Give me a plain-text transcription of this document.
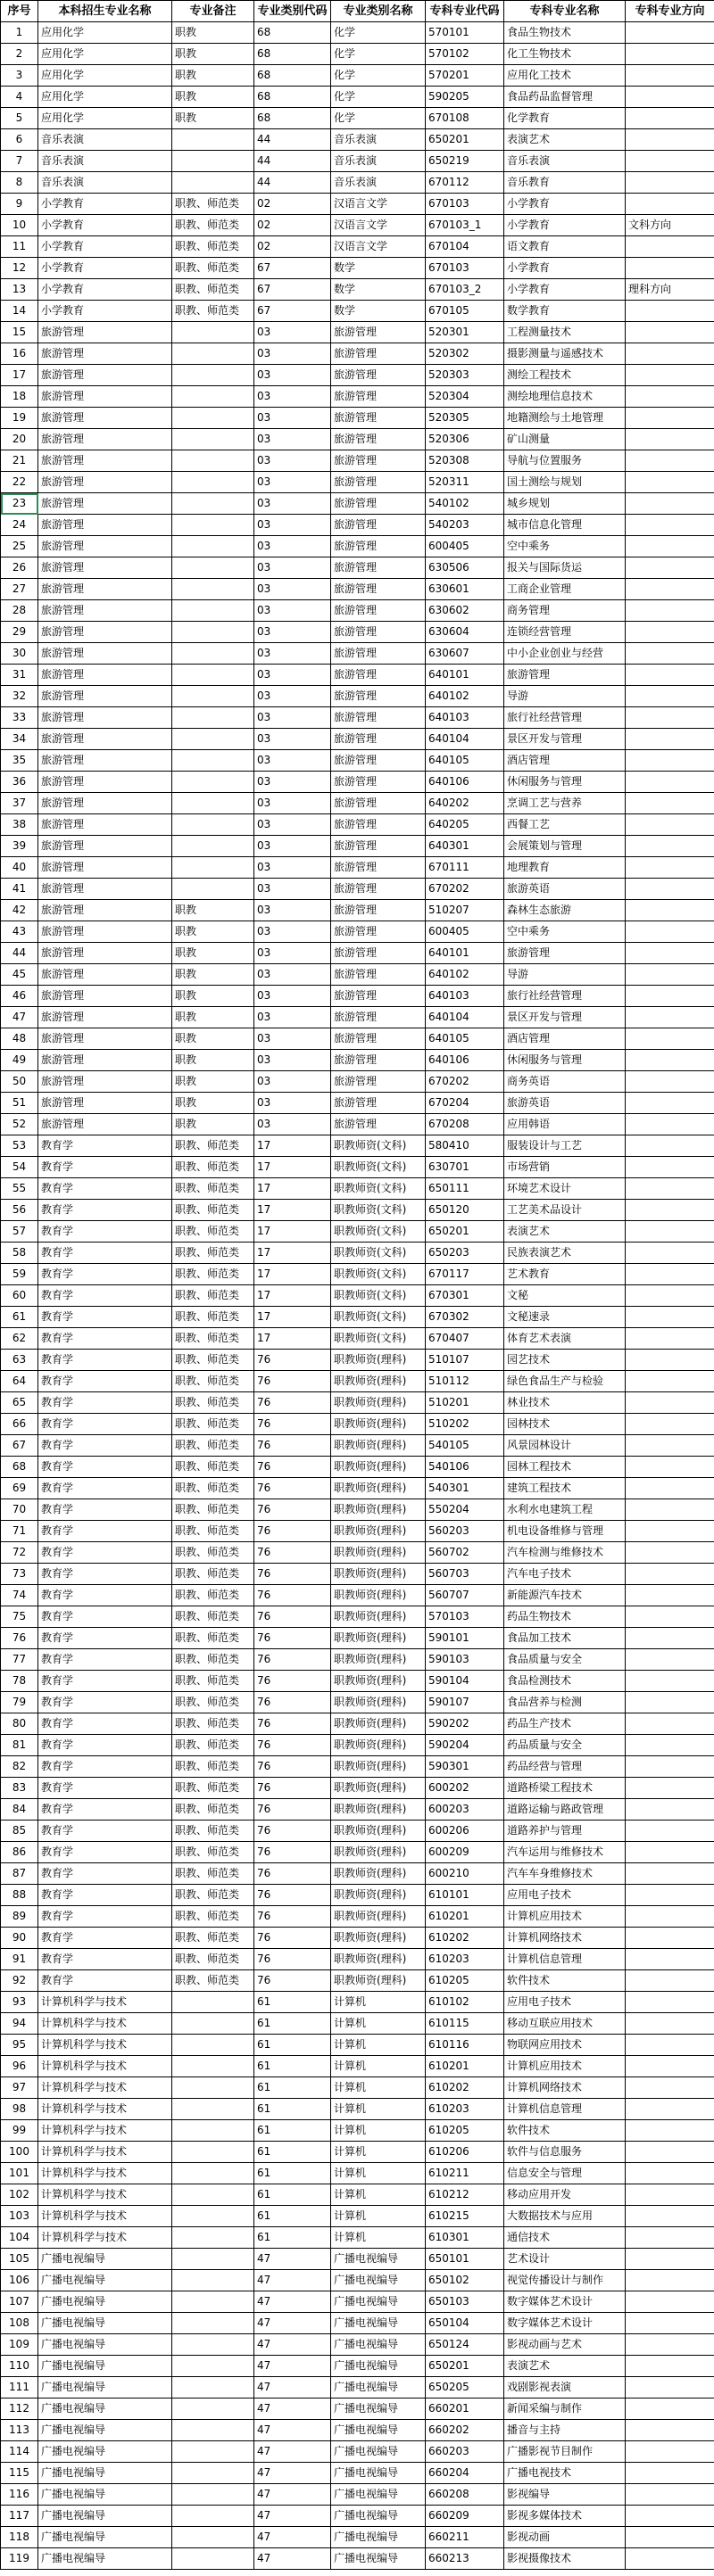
序号	本科招生专业名称	专业备注	专业类别代码	专业类别名称	专科专业代码	专科专业名称	专科专业方向
1	应用化学	职教	68	化学	570101	食品生物技术	
2	应用化学	职教	68	化学	570102	化工生物技术	
3	应用化学	职教	68	化学	570201	应用化工技术	
4	应用化学	职教	68	化学	590205	食品药品监督管理	
5	应用化学	职教	68	化学	670108	化学教育	
6	音乐表演		44	音乐表演	650201	表演艺术	
7	音乐表演		44	音乐表演	650219	音乐表演	
8	音乐表演		44	音乐表演	670112	音乐教育	
9	小学教育	职教、师范类	02	汉语言文学	670103	小学教育	
10	小学教育	职教、师范类	02	汉语言文学	670103_1	小学教育	文科方向
11	小学教育	职教、师范类	02	汉语言文学	670104	语文教育	
12	小学教育	职教、师范类	67	数学	670103	小学教育	
13	小学教育	职教、师范类	67	数学	670103_2	小学教育	理科方向
14	小学教育	职教、师范类	67	数学	670105	数学教育	
15	旅游管理		03	旅游管理	520301	工程测量技术	
16	旅游管理		03	旅游管理	520302	摄影测量与遥感技术	
17	旅游管理		03	旅游管理	520303	测绘工程技术	
18	旅游管理		03	旅游管理	520304	测绘地理信息技术	
19	旅游管理		03	旅游管理	520305	地籍测绘与土地管理	
20	旅游管理		03	旅游管理	520306	矿山测量	
21	旅游管理		03	旅游管理	520308	导航与位置服务	
22	旅游管理		03	旅游管理	520311	国土测绘与规划	
23	旅游管理		03	旅游管理	540102	城乡规划	
24	旅游管理		03	旅游管理	540203	城市信息化管理	
25	旅游管理		03	旅游管理	600405	空中乘务	
26	旅游管理		03	旅游管理	630506	报关与国际货运	
27	旅游管理		03	旅游管理	630601	工商企业管理	
28	旅游管理		03	旅游管理	630602	商务管理	
29	旅游管理		03	旅游管理	630604	连锁经营管理	
30	旅游管理		03	旅游管理	630607	中小企业创业与经营	
31	旅游管理		03	旅游管理	640101	旅游管理	
32	旅游管理		03	旅游管理	640102	导游	
33	旅游管理		03	旅游管理	640103	旅行社经营管理	
34	旅游管理		03	旅游管理	640104	景区开发与管理	
35	旅游管理		03	旅游管理	640105	酒店管理	
36	旅游管理		03	旅游管理	640106	休闲服务与管理	
37	旅游管理		03	旅游管理	640202	烹调工艺与营养	
38	旅游管理		03	旅游管理	640205	西餐工艺	
39	旅游管理		03	旅游管理	640301	会展策划与管理	
40	旅游管理		03	旅游管理	670111	地理教育	
41	旅游管理		03	旅游管理	670202	旅游英语	
42	旅游管理	职教	03	旅游管理	510207	森林生态旅游	
43	旅游管理	职教	03	旅游管理	600405	空中乘务	
44	旅游管理	职教	03	旅游管理	640101	旅游管理	
45	旅游管理	职教	03	旅游管理	640102	导游	
46	旅游管理	职教	03	旅游管理	640103	旅行社经营管理	
47	旅游管理	职教	03	旅游管理	640104	景区开发与管理	
48	旅游管理	职教	03	旅游管理	640105	酒店管理	
49	旅游管理	职教	03	旅游管理	640106	休闲服务与管理	
50	旅游管理	职教	03	旅游管理	670202	商务英语	
51	旅游管理	职教	03	旅游管理	670204	旅游英语	
52	旅游管理	职教	03	旅游管理	670208	应用韩语	
53	教育学	职教、师范类	17	职教师资(文科)	580410	服装设计与工艺	
54	教育学	职教、师范类	17	职教师资(文科)	630701	市场营销	
55	教育学	职教、师范类	17	职教师资(文科)	650111	环境艺术设计	
56	教育学	职教、师范类	17	职教师资(文科)	650120	工艺美术品设计	
57	教育学	职教、师范类	17	职教师资(文科)	650201	表演艺术	
58	教育学	职教、师范类	17	职教师资(文科)	650203	民族表演艺术	
59	教育学	职教、师范类	17	职教师资(文科)	670117	艺术教育	
60	教育学	职教、师范类	17	职教师资(文科)	670301	文秘	
61	教育学	职教、师范类	17	职教师资(文科)	670302	文秘速录	
62	教育学	职教、师范类	17	职教师资(文科)	670407	体育艺术表演	
63	教育学	职教、师范类	76	职教师资(理科)	510107	园艺技术	
64	教育学	职教、师范类	76	职教师资(理科)	510112	绿色食品生产与检验	
65	教育学	职教、师范类	76	职教师资(理科)	510201	林业技术	
66	教育学	职教、师范类	76	职教师资(理科)	510202	园林技术	
67	教育学	职教、师范类	76	职教师资(理科)	540105	风景园林设计	
68	教育学	职教、师范类	76	职教师资(理科)	540106	园林工程技术	
69	教育学	职教、师范类	76	职教师资(理科)	540301	建筑工程技术	
70	教育学	职教、师范类	76	职教师资(理科)	550204	水利水电建筑工程	
71	教育学	职教、师范类	76	职教师资(理科)	560203	机电设备维修与管理	
72	教育学	职教、师范类	76	职教师资(理科)	560702	汽车检测与维修技术	
73	教育学	职教、师范类	76	职教师资(理科)	560703	汽车电子技术	
74	教育学	职教、师范类	76	职教师资(理科)	560707	新能源汽车技术	
75	教育学	职教、师范类	76	职教师资(理科)	570103	药品生物技术	
76	教育学	职教、师范类	76	职教师资(理科)	590101	食品加工技术	
77	教育学	职教、师范类	76	职教师资(理科)	590103	食品质量与安全	
78	教育学	职教、师范类	76	职教师资(理科)	590104	食品检测技术	
79	教育学	职教、师范类	76	职教师资(理科)	590107	食品营养与检测	
80	教育学	职教、师范类	76	职教师资(理科)	590202	药品生产技术	
81	教育学	职教、师范类	76	职教师资(理科)	590204	药品质量与安全	
82	教育学	职教、师范类	76	职教师资(理科)	590301	药品经营与管理	
83	教育学	职教、师范类	76	职教师资(理科)	600202	道路桥梁工程技术	
84	教育学	职教、师范类	76	职教师资(理科)	600203	道路运输与路政管理	
85	教育学	职教、师范类	76	职教师资(理科)	600206	道路养护与管理	
86	教育学	职教、师范类	76	职教师资(理科)	600209	汽车运用与维修技术	
87	教育学	职教、师范类	76	职教师资(理科)	600210	汽车车身维修技术	
88	教育学	职教、师范类	76	职教师资(理科)	610101	应用电子技术	
89	教育学	职教、师范类	76	职教师资(理科)	610201	计算机应用技术	
90	教育学	职教、师范类	76	职教师资(理科)	610202	计算机网络技术	
91	教育学	职教、师范类	76	职教师资(理科)	610203	计算机信息管理	
92	教育学	职教、师范类	76	职教师资(理科)	610205	软件技术	
93	计算机科学与技术		61	计算机	610102	应用电子技术	
94	计算机科学与技术		61	计算机	610115	移动互联应用技术	
95	计算机科学与技术		61	计算机	610116	物联网应用技术	
96	计算机科学与技术		61	计算机	610201	计算机应用技术	
97	计算机科学与技术		61	计算机	610202	计算机网络技术	
98	计算机科学与技术		61	计算机	610203	计算机信息管理	
99	计算机科学与技术		61	计算机	610205	软件技术	
100	计算机科学与技术		61	计算机	610206	软件与信息服务	
101	计算机科学与技术		61	计算机	610211	信息安全与管理	
102	计算机科学与技术		61	计算机	610212	移动应用开发	
103	计算机科学与技术		61	计算机	610215	大数据技术与应用	
104	计算机科学与技术		61	计算机	610301	通信技术	
105	广播电视编导		47	广播电视编导	650101	艺术设计	
106	广播电视编导		47	广播电视编导	650102	视觉传播设计与制作	
107	广播电视编导		47	广播电视编导	650103	数字媒体艺术设计	
108	广播电视编导		47	广播电视编导	650104	数字媒体艺术设计	
109	广播电视编导		47	广播电视编导	650124	影视动画与艺术	
110	广播电视编导		47	广播电视编导	650201	表演艺术	
111	广播电视编导		47	广播电视编导	650205	戏剧影视表演	
112	广播电视编导		47	广播电视编导	660201	新闻采编与制作	
113	广播电视编导		47	广播电视编导	660202	播音与主持	
114	广播电视编导		47	广播电视编导	660203	广播影视节目制作	
115	广播电视编导		47	广播电视编导	660204	广播电视技术	
116	广播电视编导		47	广播电视编导	660208	影视编导	
117	广播电视编导		47	广播电视编导	660209	影视多媒体技术	
118	广播电视编导		47	广播电视编导	660211	影视动画	
119	广播电视编导		47	广播电视编导	660213	影视摄像技术	
